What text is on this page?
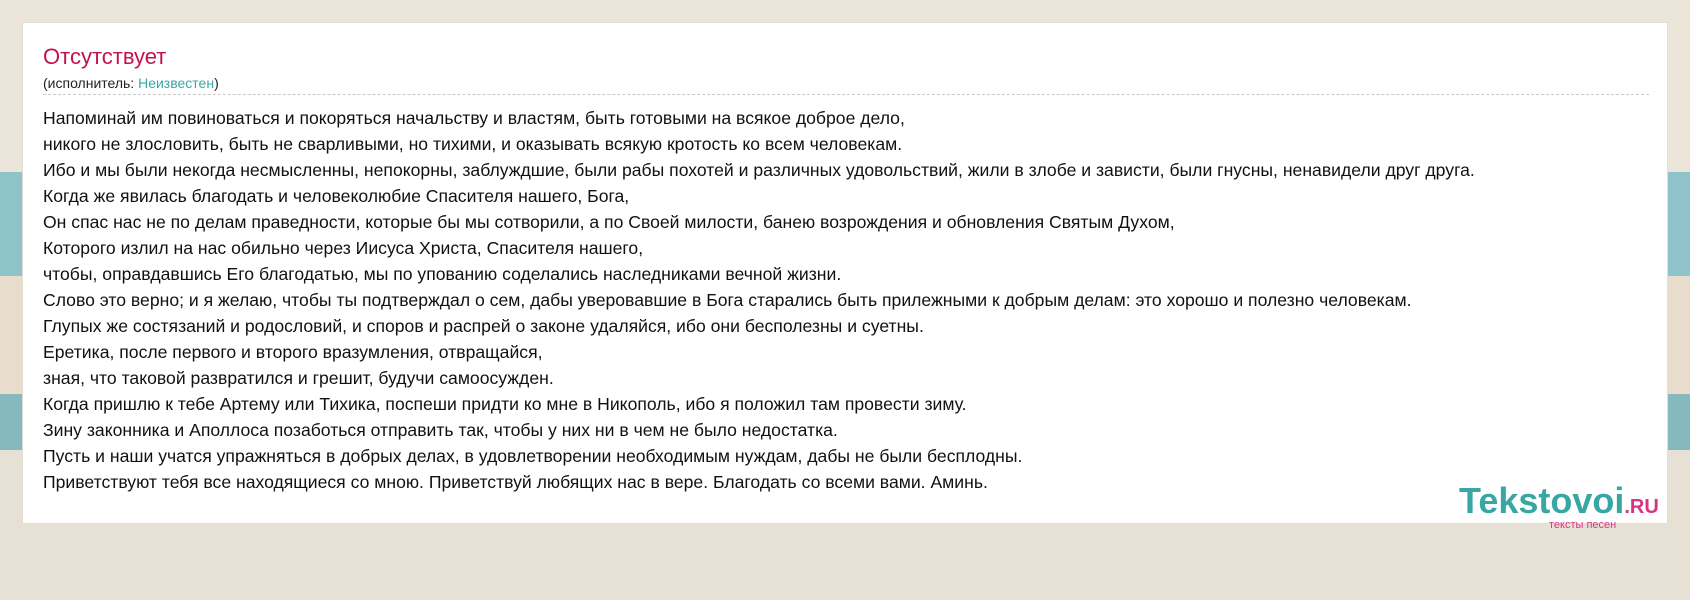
Отсутствует
(исполнитель: Неизвестен)
Напоминай им повиноваться и покоряться начальству и властям, быть готовыми на всякое доброе дело,
никого не злословить, быть не сварливыми, но тихими, и оказывать всякую кротость ко всем человекам.
Ибо и мы были некогда несмысленны, непокорны, заблуждшие, были рабы похотей и различных удовольствий, жили в злобе и зависти, были гнусны, ненавидели друг друга.
Когда же явилась благодать и человеколюбие Спасителя нашего, Бога,
Он спас нас не по делам праведности, которые бы мы сотворили, а по Своей милости, банею возрождения и обновления Святым Духом,
Которого излил на нас обильно через Иисуса Христа, Спасителя нашего,
чтобы, оправдавшись Его благодатью, мы по упованию соделались наследниками вечной жизни.
Слово это верно; и я желаю, чтобы ты подтверждал о сем, дабы уверовавшие в Бога старались быть прилежными к добрым делам: это хорошо и полезно человекам.
Глупых же состязаний и родословий, и споров и распрей о законе удаляйся, ибо они бесполезны и суетны.
Еретика, после первого и второго вразумления, отвращайся,
зная, что таковой развратился и грешит, будучи самоосужден.
Когда пришлю к тебе Артему или Тихика, поспеши придти ко мне в Никополь, ибо я положил там провести зиму.
Зину законника и Аполлоса позаботься отправить так, чтобы у них ни в чем не было недостатка.
Пусть и наши учатся упражняться в добрых делах, в удовлетворении необходимым нуждам, дабы не были бесплодны.
Приветствуют тебя все находящиеся со мною. Приветствуй любящих нас в вере. Благодать со всеми вами. Аминь.	Tekstovoi.RU
тексты песен
